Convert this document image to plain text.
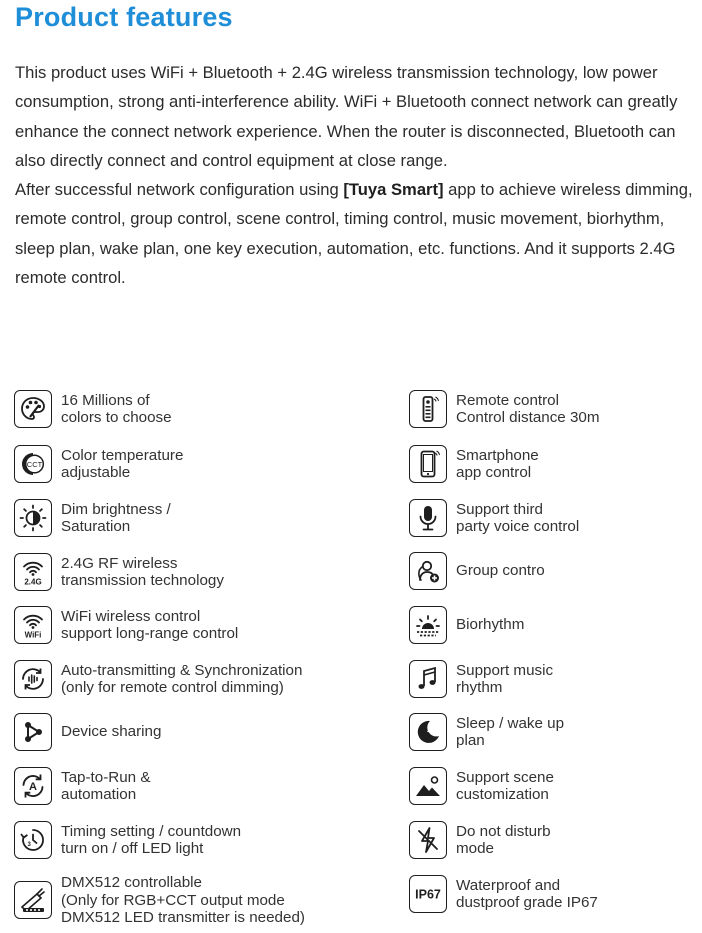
Product features

This product uses WiFi + Bluetooth + 2.4G wireless transmission technology, low power consumption, strong anti-interference ability. WiFi + Bluetooth connect network can greatly enhance the connect network experience. When the router is disconnected, Bluetooth can also directly connect and control equipment at close range.

After successful network configuration using [Tuya Smart] app to achieve wireless dimming, remote control, group control, scene control, timing control, music movement, biorhythm, sleep plan, wake plan, one key execution, automation, etc. functions. And it supports 2.4G remote control.

16 Millions of
colors to choose
CCT
Color temperature
adjustable
Dim brightness /
Saturation
2.4G
2.4G RF wireless
transmission technology
WiFi
WiFi wireless control
support long-range control
Auto-transmitting & Synchronization
(only for remote control dimming)
Device sharing
A
Tap-to-Run &
automation
3
Timing setting / countdown
turn on / off LED light
DMX512 controllable
(Only for RGB+CCT output mode
DMX512 LED transmitter is needed)
Remote control
Control distance 30m
Smartphone
app control
Support third
party voice control
Group contro
Biorhythm
Support music
rhythm
z Sleep / wake up
plan
Support scene
customization
Do not disturb
mode
IP67
Waterproof and
dustproof grade IP67
